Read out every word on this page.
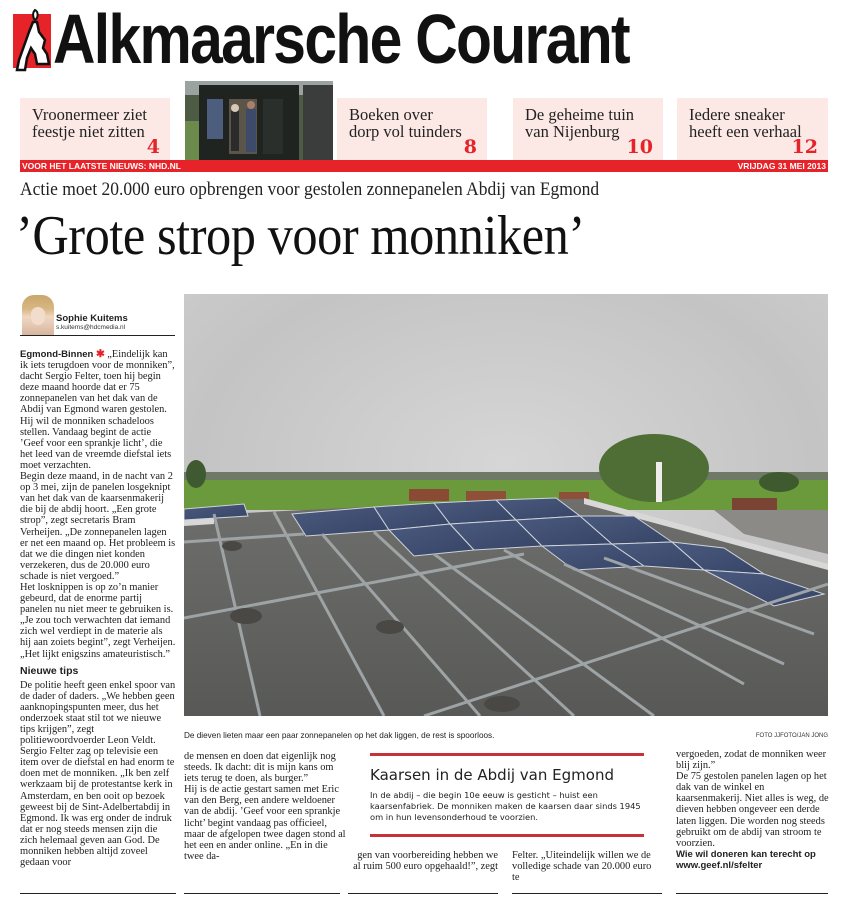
Alkmaarsche Courant
Vroonermeer ziet
feestje niet zitten
4
Boeken over
dorp vol tuinders
8
De geheime tuin
van Nijenburg
10
Iedere sneaker
heeft een verhaal
12
VOOR HET LAATSTE NIEUWS: NHD.NL	VRIJDAG 31 MEI 2013
Actie moet 20.000 euro opbrengen voor gestolen zonnepanelen Abdij van Egmond
’Grote strop voor monniken’
Sophie Kuitems
s.kuitems@hdcmedia.nl

Egmond-Binnen ✱ „Eindelijk kan ik iets terugdoen voor de monniken”, dacht Sergio Felter, toen hij begin deze maand hoorde dat er 75 zonnepanelen van het dak van de Abdij van Egmond waren gestolen. Hij wil de monniken schadeloos stellen. Vandaag begint de actie ’Geef voor een sprankje licht’, die het leed van de vreemde diefstal iets moet verzachten.

Begin deze maand, in de nacht van 2 op 3 mei, zijn de panelen losgeknipt van het dak van de kaarsenmakerij die bij de abdij hoort. „Een grote strop”, zegt secretaris Bram Verheijen. „De zonnepanelen lagen er net een maand op. Het probleem is dat we die dingen niet konden verzekeren, dus de 20.000 euro schade is niet vergoed.”

Het losknippen is op zo’n manier gebeurd, dat de enorme partij panelen nu niet meer te gebruiken is. „Je zou toch verwachten dat iemand zich wel verdiept in de materie als hij aan zoiets begint”, zegt Verheijen. „Het lijkt enigszins amateuristisch.”

Nieuwe tips

De politie heeft geen enkel spoor van de dader of daders. „We hebben geen aanknopingspunten meer, dus het onderzoek staat stil tot we nieuwe tips krijgen”, zegt politiewoordvoerder Leon Veldt.

Sergio Felter zag op televisie een item over de diefstal en had enorm te doen met de monniken. „Ik ben zelf werkzaam bij de protestantse kerk in Amsterdam, en ben ooit op bezoek geweest bij de Sint-Adelbertabdij in Egmond. Ik was erg onder de indruk dat er nog steeds mensen zijn die zich helemaal geven aan God. De monniken hebben altijd zoveel gedaan voor

De dieven lieten maar een paar zonnepanelen op het dak liggen, de rest is spoorloos.	FOTO JJFOTO/JAN JONG

de mensen en doen dat eigenlijk nog steeds. Ik dacht: dit is mijn kans om iets terug te doen, als burger.”

Hij is de actie gestart samen met Eric van den Berg, een andere weldoener van de abdij. ’Geef voor een sprankje licht’ begint vandaag pas officieel, maar de afgelopen twee dagen stond al het een en ander online. „En in die twee da-

Kaarsen in de Abdij van Egmond
In de abdij – die begin 10e eeuw is gesticht – huist een kaarsenfabriek. De monniken maken de kaarsen daar sinds 1945 om in hun levensonderhoud te voorzien.

gen van voorbereiding hebben we al ruim 500 euro opgehaald!”, zegt

Felter. „Uiteindelijk willen we de volledige schade van 20.000 euro te

vergoeden, zodat de monniken weer blij zijn.”

De 75 gestolen panelen lagen op het dak van de winkel en kaarsenmakerij. Niet alles is weg, de dieven hebben ongeveer een derde laten liggen. Die worden nog steeds gebruikt om de abdij van stroom te voorzien.

Wie wil doneren kan terecht op
www.geef.nl/sfelter
